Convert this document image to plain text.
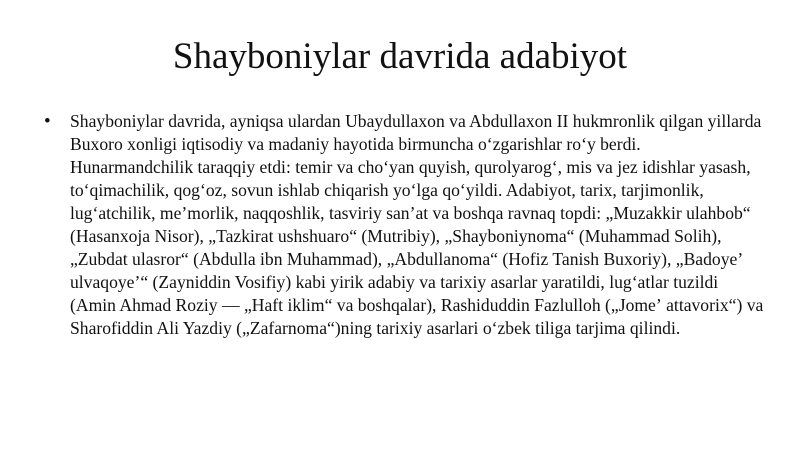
Shayboniylar davrida adabiyot
•	Shayboniylar davrida, ayniqsa ulardan Ubaydullaxon va Abdullaxon II hukmronlik qilgan yillarda Buxoro xonligi iqtisodiy va madaniy hayotida birmuncha oʻzgarishlar roʻy berdi. Hunarmandchilik taraqqiy etdi: temir va choʻyan quyish, qurolyarogʻ, mis va jez idishlar yasash, toʻqimachilik, qogʻoz, sovun ishlab chiqarish yoʻlga qoʻyildi. Adabiyot, tarix, tarjimonlik, lugʻatchilik, meʼmorlik, naqqoshlik, tasviriy sanʼat va boshqa ravnaq topdi: „Muzakkir ulahbob“ (Hasanxoja Nisor), „Tazkirat ushshuaro“ (Mutribiy), „Shayboniynoma“ (Muhammad Solih), „Zubdat ulasror“ (Abdulla ibn Muhammad), „Abdullanoma“ (Hofiz Tanish Buxoriy), „Badoyeʼ ulvaqoyeʼ“ (Zayniddin Vosifiy) kabi yirik adabiy va tarixiy asarlar yaratildi, lugʻatlar tuzildi (Amin Ahmad Roziy — „Haft iklim“ va boshqalar), Rashiduddin Fazlulloh („Jomeʼ attavorix“) va Sharofiddin Ali Yazdiy („Zafarnoma“)ning tarixiy asarlari oʻzbek tiliga tarjima qilindi.
